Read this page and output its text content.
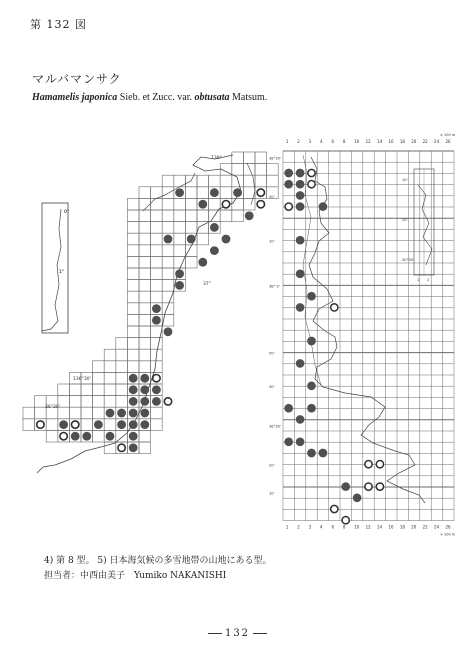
第 132 図
マルバマンサク
Hamamelis japonica Sieb. et Zucc. var. obtusata Matsum.
139°
37°
136°30'
36°30'
0°
1°
1 2 3 4 6 8 10 12 14 16 18 20 22 24 26
× 100 m
1 2 3 4 6 8 10 12 14 16 18 20 22 24 26
× 100 m
38°30'
20'
10'
38° 0'
50'
40'
36°30'
20'
10'
10'
20'
30°30'
1 2
4) 第 8 型。 5) 日本海気候の多雪地帯の山地にある型。
担当者：中西由美子　Yumiko NAKANISHI
132
